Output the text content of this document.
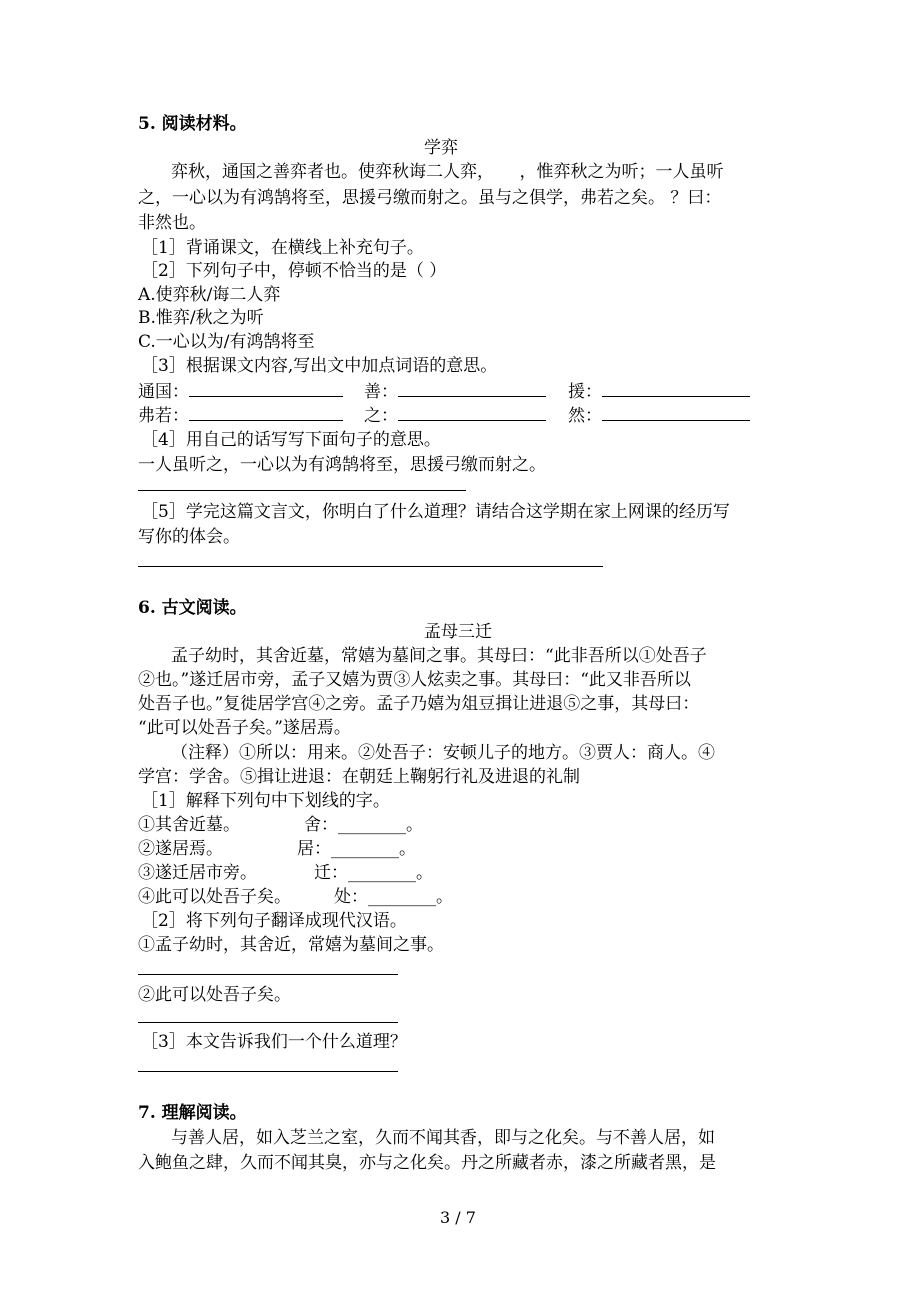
5. 阅读材料。
学弈
弈秋，通国之善弈者也。使弈秋诲二人弈，　　，惟弈秋之为听；一人虽听
之，一心以为有鸿鹄将至，思援弓缴而射之。虽与之俱学，弗若之矣。 ？曰：
非然也。
［1］背诵课文，在横线上补充句子。
［2］下列句子中，停顿不恰当的是（ ）
A.使弈秋/诲二人弈
B.惟弈/秋之为听
C.一心以为/有鸿鹄将至
［3］根据课文内容,写出文中加点词语的意思。
通国：	善：	援：
弗若：	之：	然：
［4］用自己的话写写下面句子的意思。
一人虽听之，一心以为有鸿鹄将至，思援弓缴而射之。
［5］学完这篇文言文，你明白了什么道理？请结合这学期在家上网课的经历写
写你的体会。
6. 古文阅读。
孟母三迁
孟子幼时，其舍近墓，常嬉为墓间之事。其母曰：“此非吾所以①处吾子
②也。”遂迁居市旁，孟子又嬉为贾③人炫卖之事。其母曰：“此又非吾所以
处吾子也。”复徙居学宫④之旁。孟子乃嬉为俎豆揖让进退⑤之事，其母曰：
“此可以处吾子矣。”遂居焉。
（注释）①所以：用来。②处吾子：安顿儿子的地方。③贾人：商人。④
学宫：学舍。⑤揖让进退：在朝廷上鞠躬行礼及进退的礼制
［1］解释下列句中下划线的字。
①其舍近墓。	舍：________。
②遂居焉。	居：________。
③遂迁居市旁。	迁：________。
④此可以处吾子矣。	处：________。
［2］将下列句子翻译成现代汉语。
①孟子幼时，其舍近，常嬉为墓间之事。
②此可以处吾子矣。
［3］本文告诉我们一个什么道理？
7. 理解阅读。
与善人居，如入芝兰之室，久而不闻其香，即与之化矣。与不善人居，如
入鲍鱼之肆，久而不闻其臭，亦与之化矣。丹之所藏者赤，漆之所藏者黑，是
3 / 7
